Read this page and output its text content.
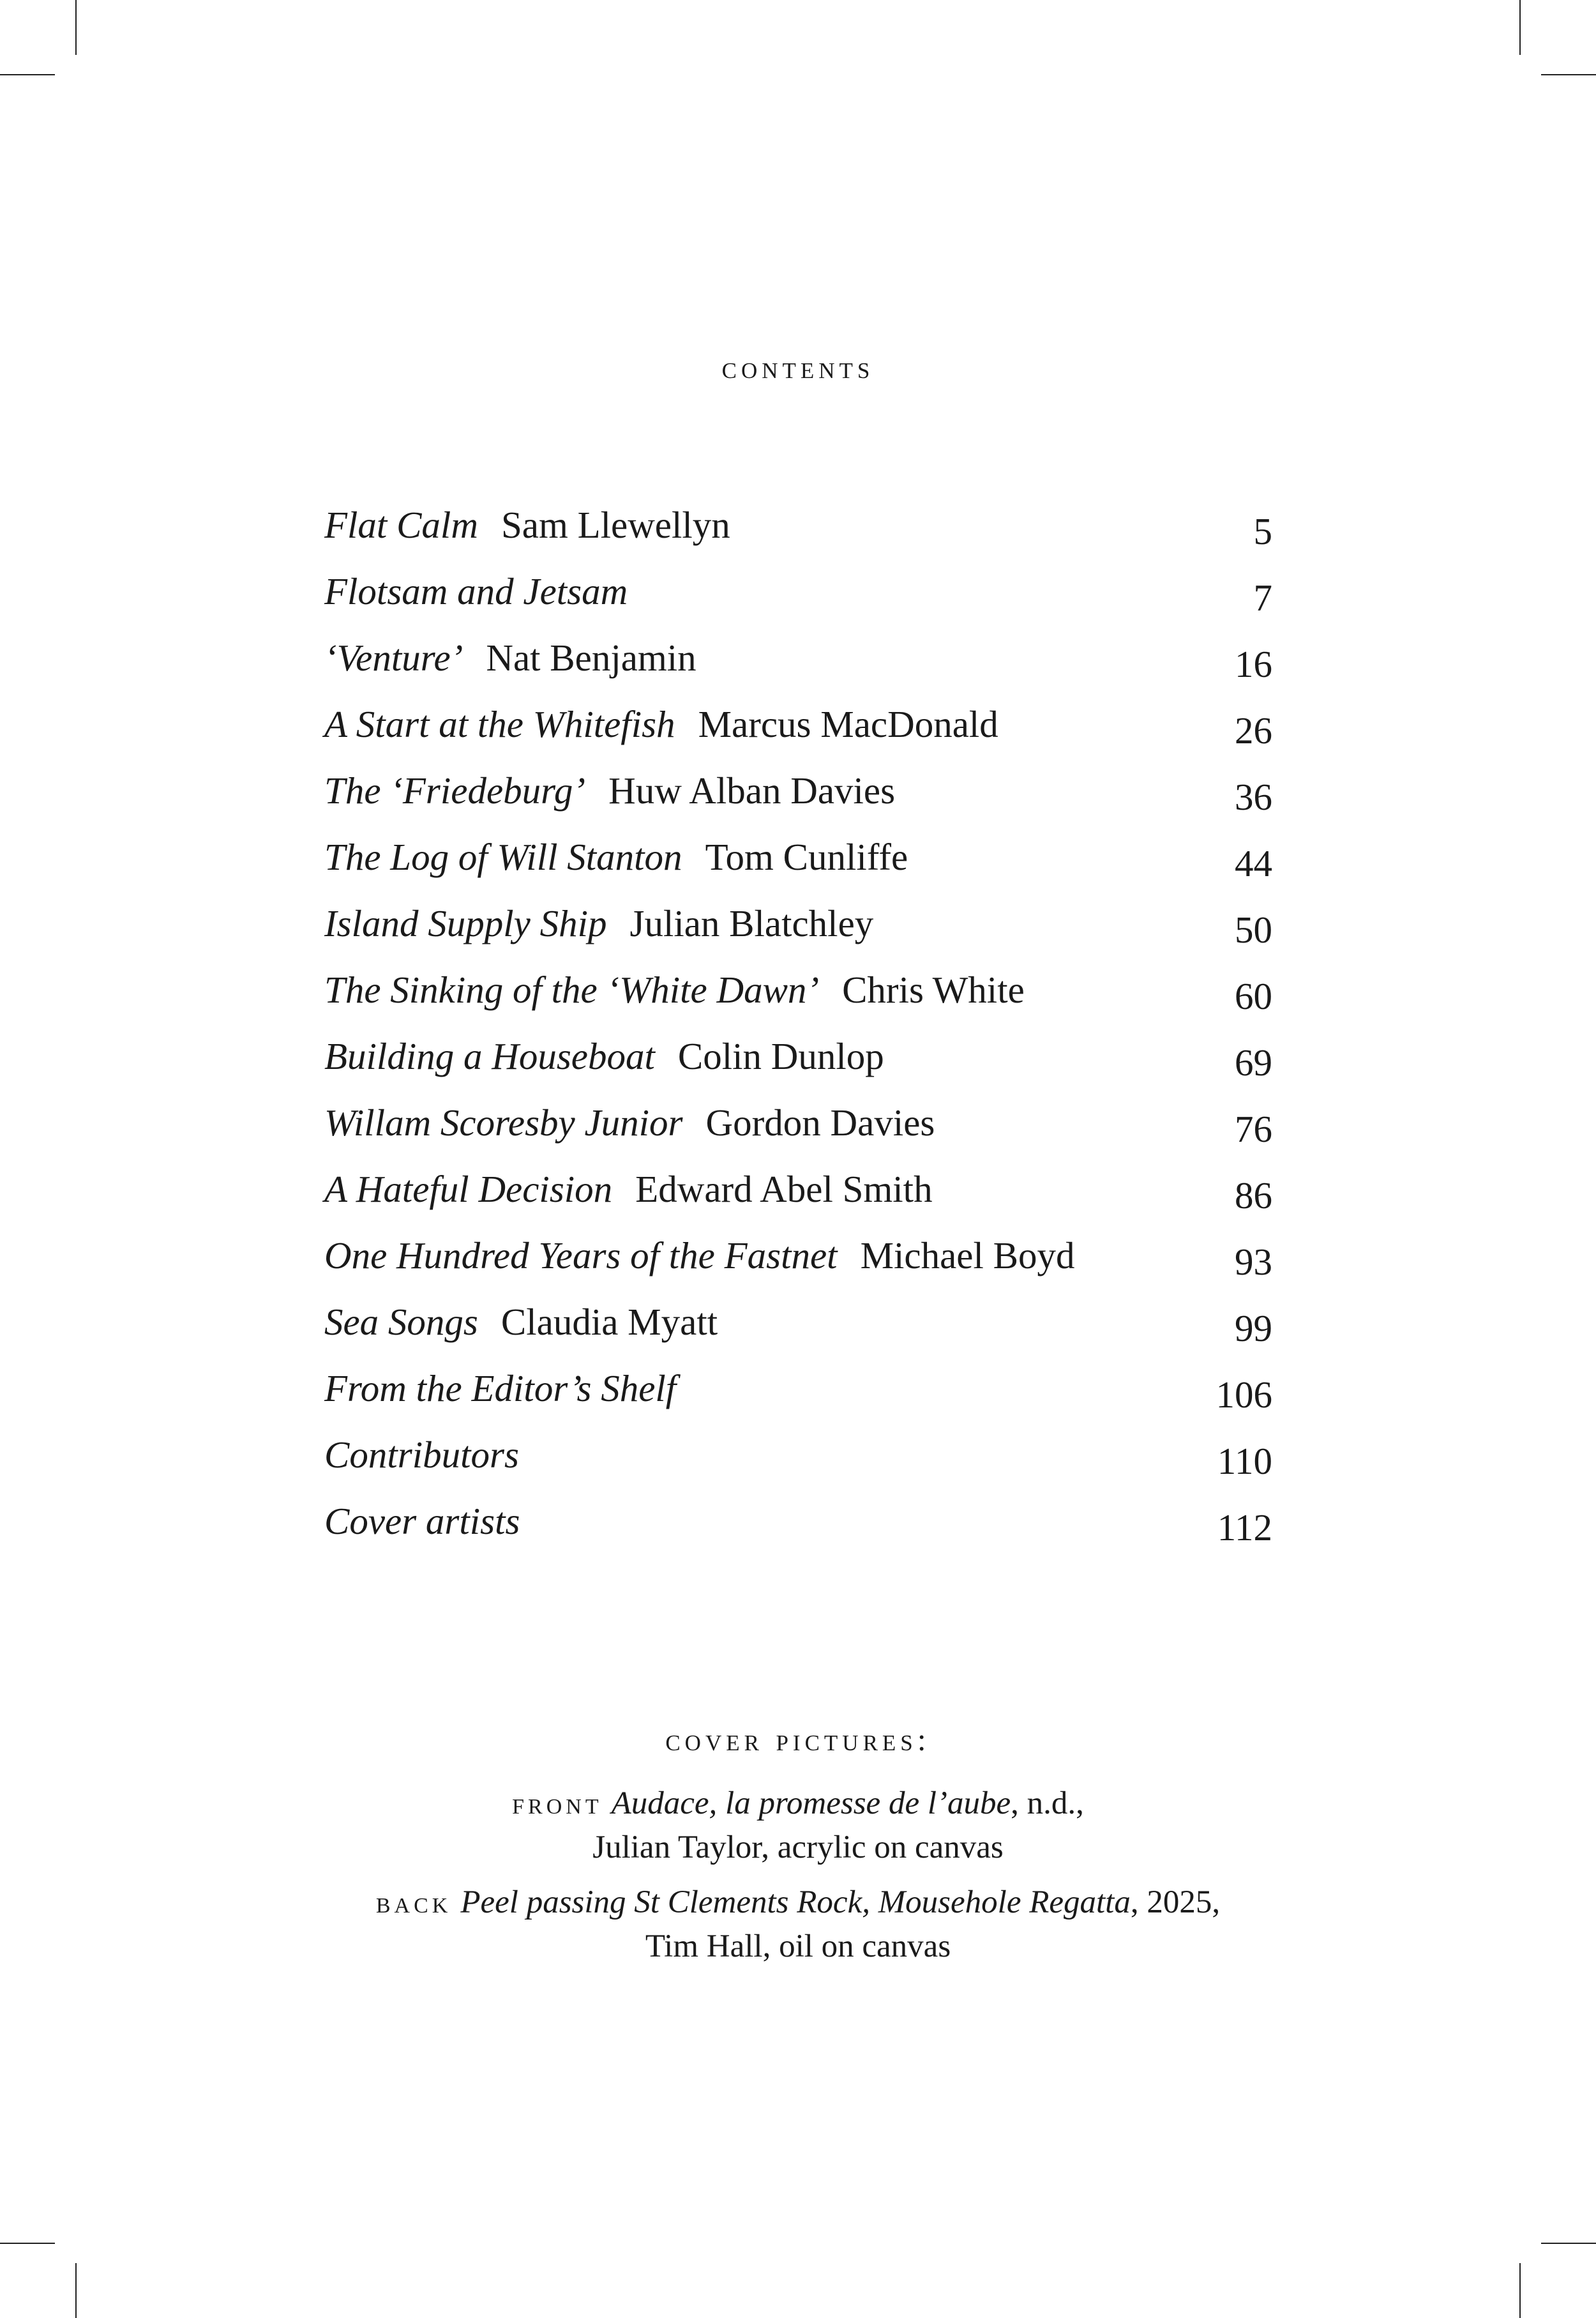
contents
Flat Calm Sam Llewellyn	5
Flotsam and Jetsam	7
‘Venture’ Nat Benjamin	16
A Start at the Whitefish Marcus MacDonald	26
The ‘Friedeburg’ Huw Alban Davies	36
The Log of Will Stanton Tom Cunliffe	44
Island Supply Ship Julian Blatchley	50
The Sinking of the ‘White Dawn’ Chris White	60
Building a Houseboat Colin Dunlop	69
Willam Scoresby Junior Gordon Davies	76
A Hateful Decision Edward Abel Smith	86
One Hundred Years of the Fastnet Michael Boyd	93
Sea Songs Claudia Myatt	99
From the Editor’s Shelf	106
Contributors	110
Cover artists	112
cover pictures:
front Audace, la promesse de l’aube, n.d.,
Julian Taylor, acrylic on canvas
back Peel passing St Clements Rock, Mousehole Regatta, 2025,
Tim Hall, oil on canvas
